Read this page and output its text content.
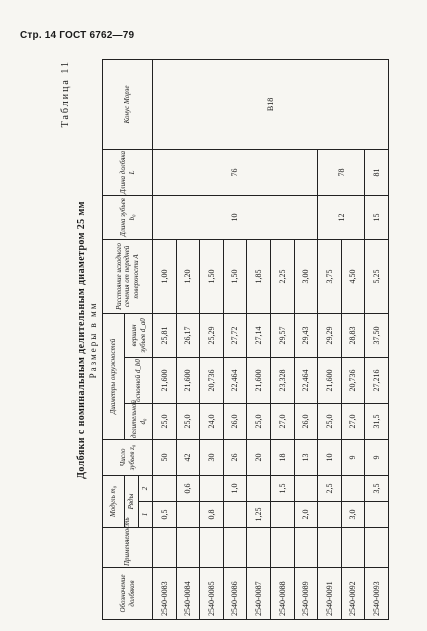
Стр. 14 ГОСТ 6762—79
Таблица 11
Долбяки с номинальным делительным диаметром 25 мм Размеры в мм
Обозначение долбяков	Применяемость	Модуль m₀		Число зубьев z₀	Диаметры окружностей			Расстояние исходного сечения от передней поверхности A	Длина зубьев b₀	Длина долбяка L	Конус Морзе
		Ряды			делительной d₀	основной d_b0	вершин зубьев d_a0				
		1	2								
2540-0083		0,5		50	25,0	21,600	25,81	1,00	10	76	B18
2540-0084			0,6	42	25,0	21,600	26,17	1,20			
2540-0085		0,8		30	24,0	20,736	25,29	1,50			
2540-0086			1,0	26	26,0	22,464	27,72	1,50			
2540-0087		1,25		20	25,0	21,600	27,14	1,85			
2540-0088			1,5	18	27,0	23,328	29,57	2,25			
2540-0089		2,0		13	26,0	22,464	29,43	3,00			
2540-0091			2,5	10	25,0	21,600	29,29	3,75	12	78	
2540-0092		3,0		9	27,0	20,736	28,83	4,50			
2540-0093			3,5	9	31,5	27,216	37,50	5,25	15	81	
